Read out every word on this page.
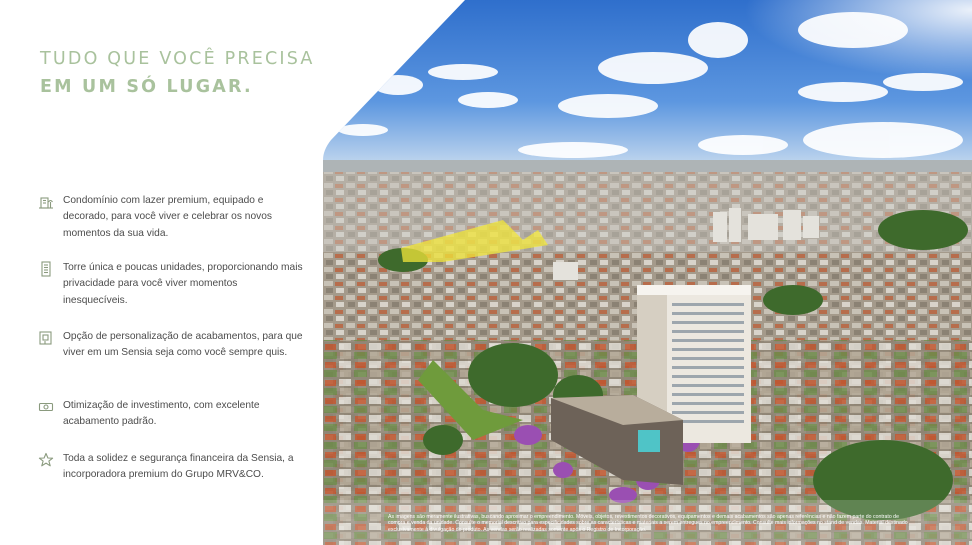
TUDO QUE VOCÊ PRECISA
EM UM SÓ LUGAR.
Condomínio com lazer premium, equipado e decorado, para você viver e celebrar os novos momentos da sua vida.
Torre única e poucas unidades, proporcionando mais privacidade para você viver momentos inesquecíveis.
Opção de personalização de acabamentos, para que viver em um Sensia seja como você sempre quis.
Otimização de investimento, com excelente acabamento padrão.
Toda a solidez e segurança financeira da Sensia, a incorporadora premium do Grupo MRV&CO.
As imagens são meramente ilustrativas, buscando aproximar o empreendimento. Móveis, objetos, revestimentos decorativos, equipamentos e demais acabamentos são apenas referências e não fazem parte do contrato de compra e venda da unidade. Consulte o memorial descritivo para especificidades sobre as características e materiais a serem entregues no empreendimento. Consulte mais informações no stand de vendas. Material destinado exclusivamente à divulgação do produto. As vendas serão realizadas somente após o Registro de Incorporação.
